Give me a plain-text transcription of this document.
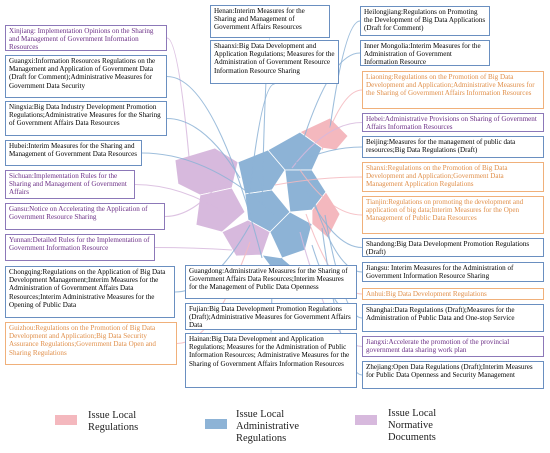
Henan:Interim Measures for the Sharing and Management of Government Affairs Resources
Shaanxi:Big Data Development and Application Regulations; Measures for the Administration of Government Resource Information Resource Sharing
Heilongjiang:Regulations on Promoting the Development of Big Data Applications (Draft for Comment)
Inner Mongolia:Interim Measures for the Administration of Government Information Resource
Liaoning:Regulations on the Promotion of Big Data Development and Application;Administrative Measures for the Sharing of Government Affairs Information Resources
Hebei:Administrative Provisions on Sharing of Government Affairs Information Resources
Beijing:Measures for the management of public data resources;Big Data Regulations (Draft)
Shanxi:Regulations on the Promotion of Big Data Development and Application;Government Data Management Application Regulations
Tianjin:Regulations on promoting the development and application of big data;Interim Measures for the Open Management of Public Data Resources
Shandong:Big Data Development Promotion Regulations (Draft)
Jiangsu: Interim Measures for the Administration of Government Information Resource Sharing
Anhui:Big Data Development Regulations
Shanghai:Data Regulations (Draft);Measures for the Administration of Public Data and One-stop Service
Jiangxi:Accelerate the promotion of the provincial government data sharing work plan
Zhejiang:Open Data Regulations (Draft);Interim Measures for Public Data Openness and Security Management
Xinjiang: Implementation Opinions on the Sharing and Management of Government Information Resources
Guangxi:Information Resources Regulations on the Management and Application of Government Data (Draft for Comment);Administrative Measures for Government Data Security
Ningxia:Big Data Industry Development Promotion Regulations;Administrative Measures for the Sharing of Government Affairs Data Resources
Hubei:Interim Measures for the Sharing and Management of Government Data Resources
Sichuan:Implementation Rules for the Sharing and Management of Government Affairs
Gansu:Notice on Accelerating the Application of Government Resource Sharing
Yunnan:Detailed Rules for the Implementation of Government Information Resource
Chongqing:Regulations on the Application of Big Data Development Management;Interim Measures for the Administration of Government Affairs Data Resources;Interim Administrative Measures for the Opening of Public Data
Guizhou:Regulations on the Promotion of Big Data Development and Application;Big Data Security Assurance Regulations;Government Data Open and Sharing Regulations
Guangdong:Administrative Measures for the Sharing of Government Affairs Data Resources;Interim Measures for the Management of Public Data Openness
Fujian:Big Data Development Promotion Regulations (Draft);Administrative Measures for Government Affairs Data
Hainan:Big Data Development and Application Regulations; Measures for the Administration of Public Information Resources; Administrative Measures for the Sharing of Government Affairs Information Resources
Issue Local Regulations
Issue Local Administrative Regulations
Issue Local Normative Documents
